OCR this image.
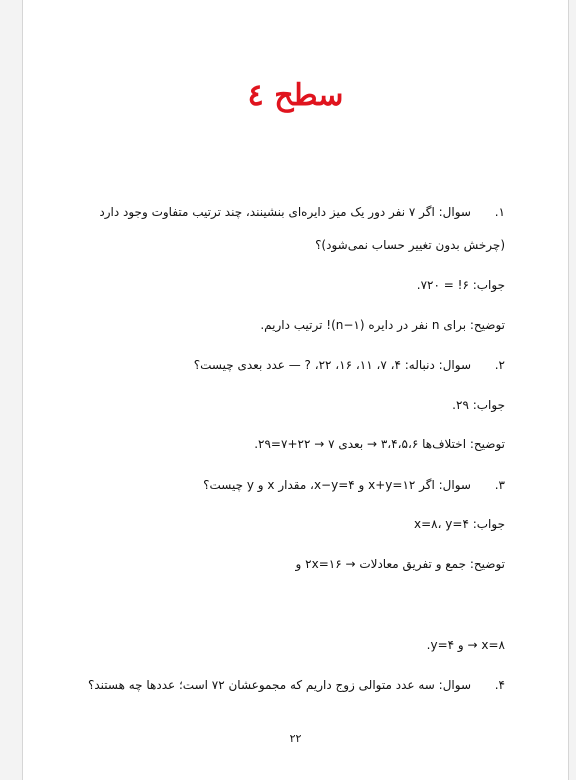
سطح ٤
۱.سوال: اگر ۷ نفر دور یک میز دایره‌ای بنشینند، چند ترتیب متفاوت وجود دارد
(چرخش بدون تغییر حساب نمی‌شود)؟
جواب: ۶! = ۷۲۰.
توضیح: برای n نفر در دایره (n−۱)! ترتیب داریم.
۲.سوال: دنباله: ۴، ۷، ۱۱، ۱۶، ۲۲، ? — عدد بعدی چیست؟
جواب: ۲۹.
توضیح: اختلاف‌ها ۳،۴،۵،۶ → بعدی ۷ → ۲۲+۷=۲۹.
۳.سوال: اگر x+y=۱۲ و x−y=۴، مقدار x و y چیست؟
جواب: x=۸، y=۴
توضیح: جمع و تفریق معادلات → ۲x=۱۶ و
x=۸ → و y=۴.
۴.سوال: سه عدد متوالی زوج داریم که مجموعشان ۷۲ است؛ عددها چه هستند؟
۲۲
